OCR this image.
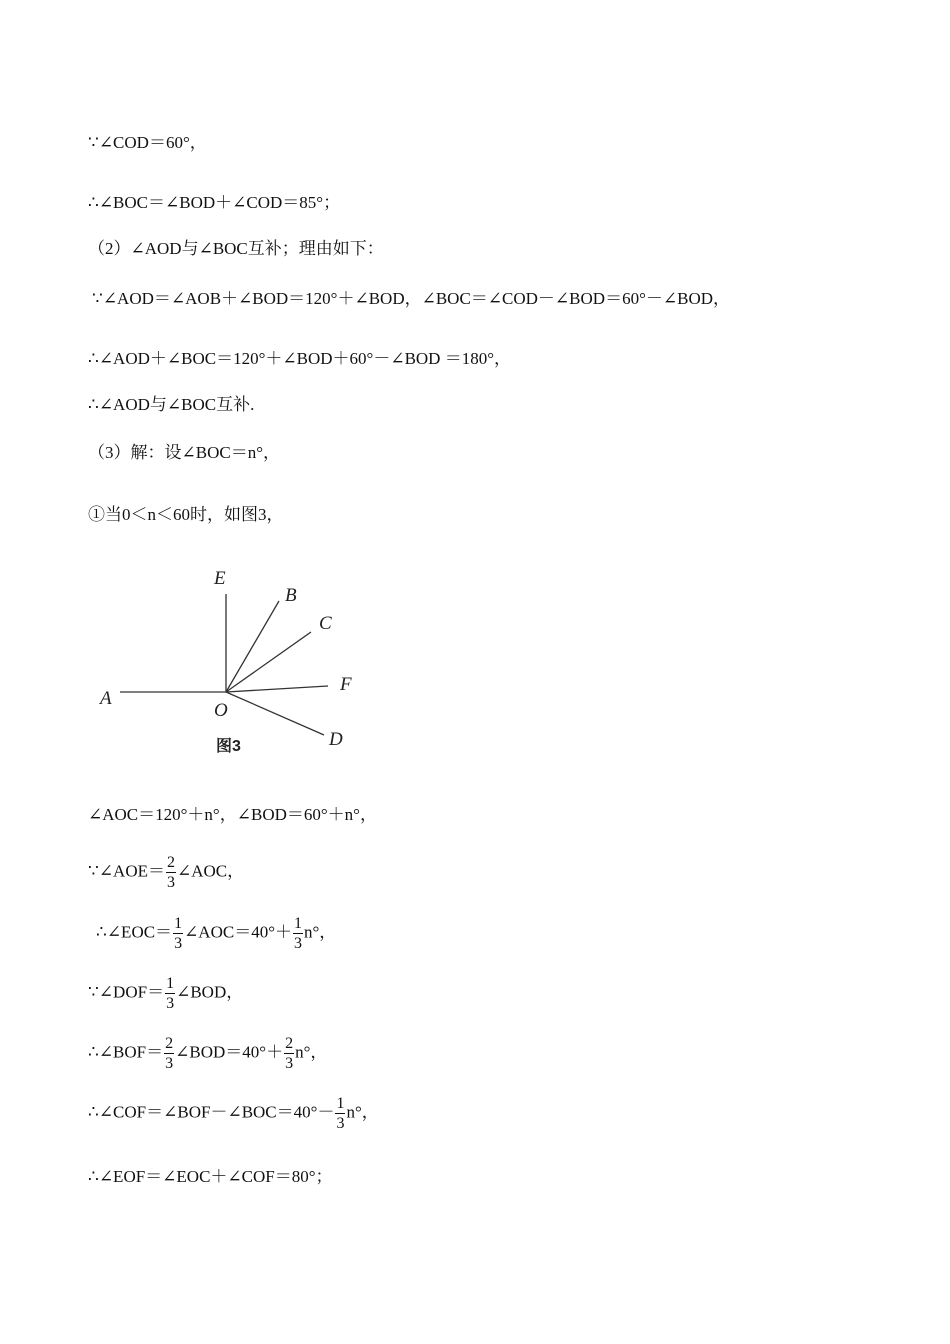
∵∠COD＝60°，
∴∠BOC＝∠BOD＋∠COD＝85°；
（2）∠AOD与∠BOC互补；理由如下：
∵∠AOD＝∠AOB＋∠BOD＝120°＋∠BOD，∠BOC＝∠COD－∠BOD＝60°－∠BOD，
∴∠AOD＋∠BOC＝120°＋∠BOD＋60°－∠BOD ＝180°，
∴∠AOD与∠BOC互补.
（3）解：设∠BOC＝n°，
①当0＜n＜60时，如图3，
E
B
C
F
A
O
D
图3
∠AOC＝120°＋n°，∠BOD＝60°＋n°，
∵∠AOE＝ $\frac{2}{3}$ ∠AOC，
∴∠EOC＝ $\frac{1}{3}$ ∠AOC＝40°＋ $\frac{1}{3} n^\circ$，
∵∠DOF＝ $\frac{1}{3}$ ∠BOD，
∴∠BOF＝ $\frac{2}{3}$ ∠BOD＝40°＋ $\frac{2}{3} n^\circ$，
∴∠COF＝∠BOF－∠BOC＝40°－ $\frac{1}{3} n^\circ$，
∴∠EOF＝∠EOC＋∠COF＝80°；
